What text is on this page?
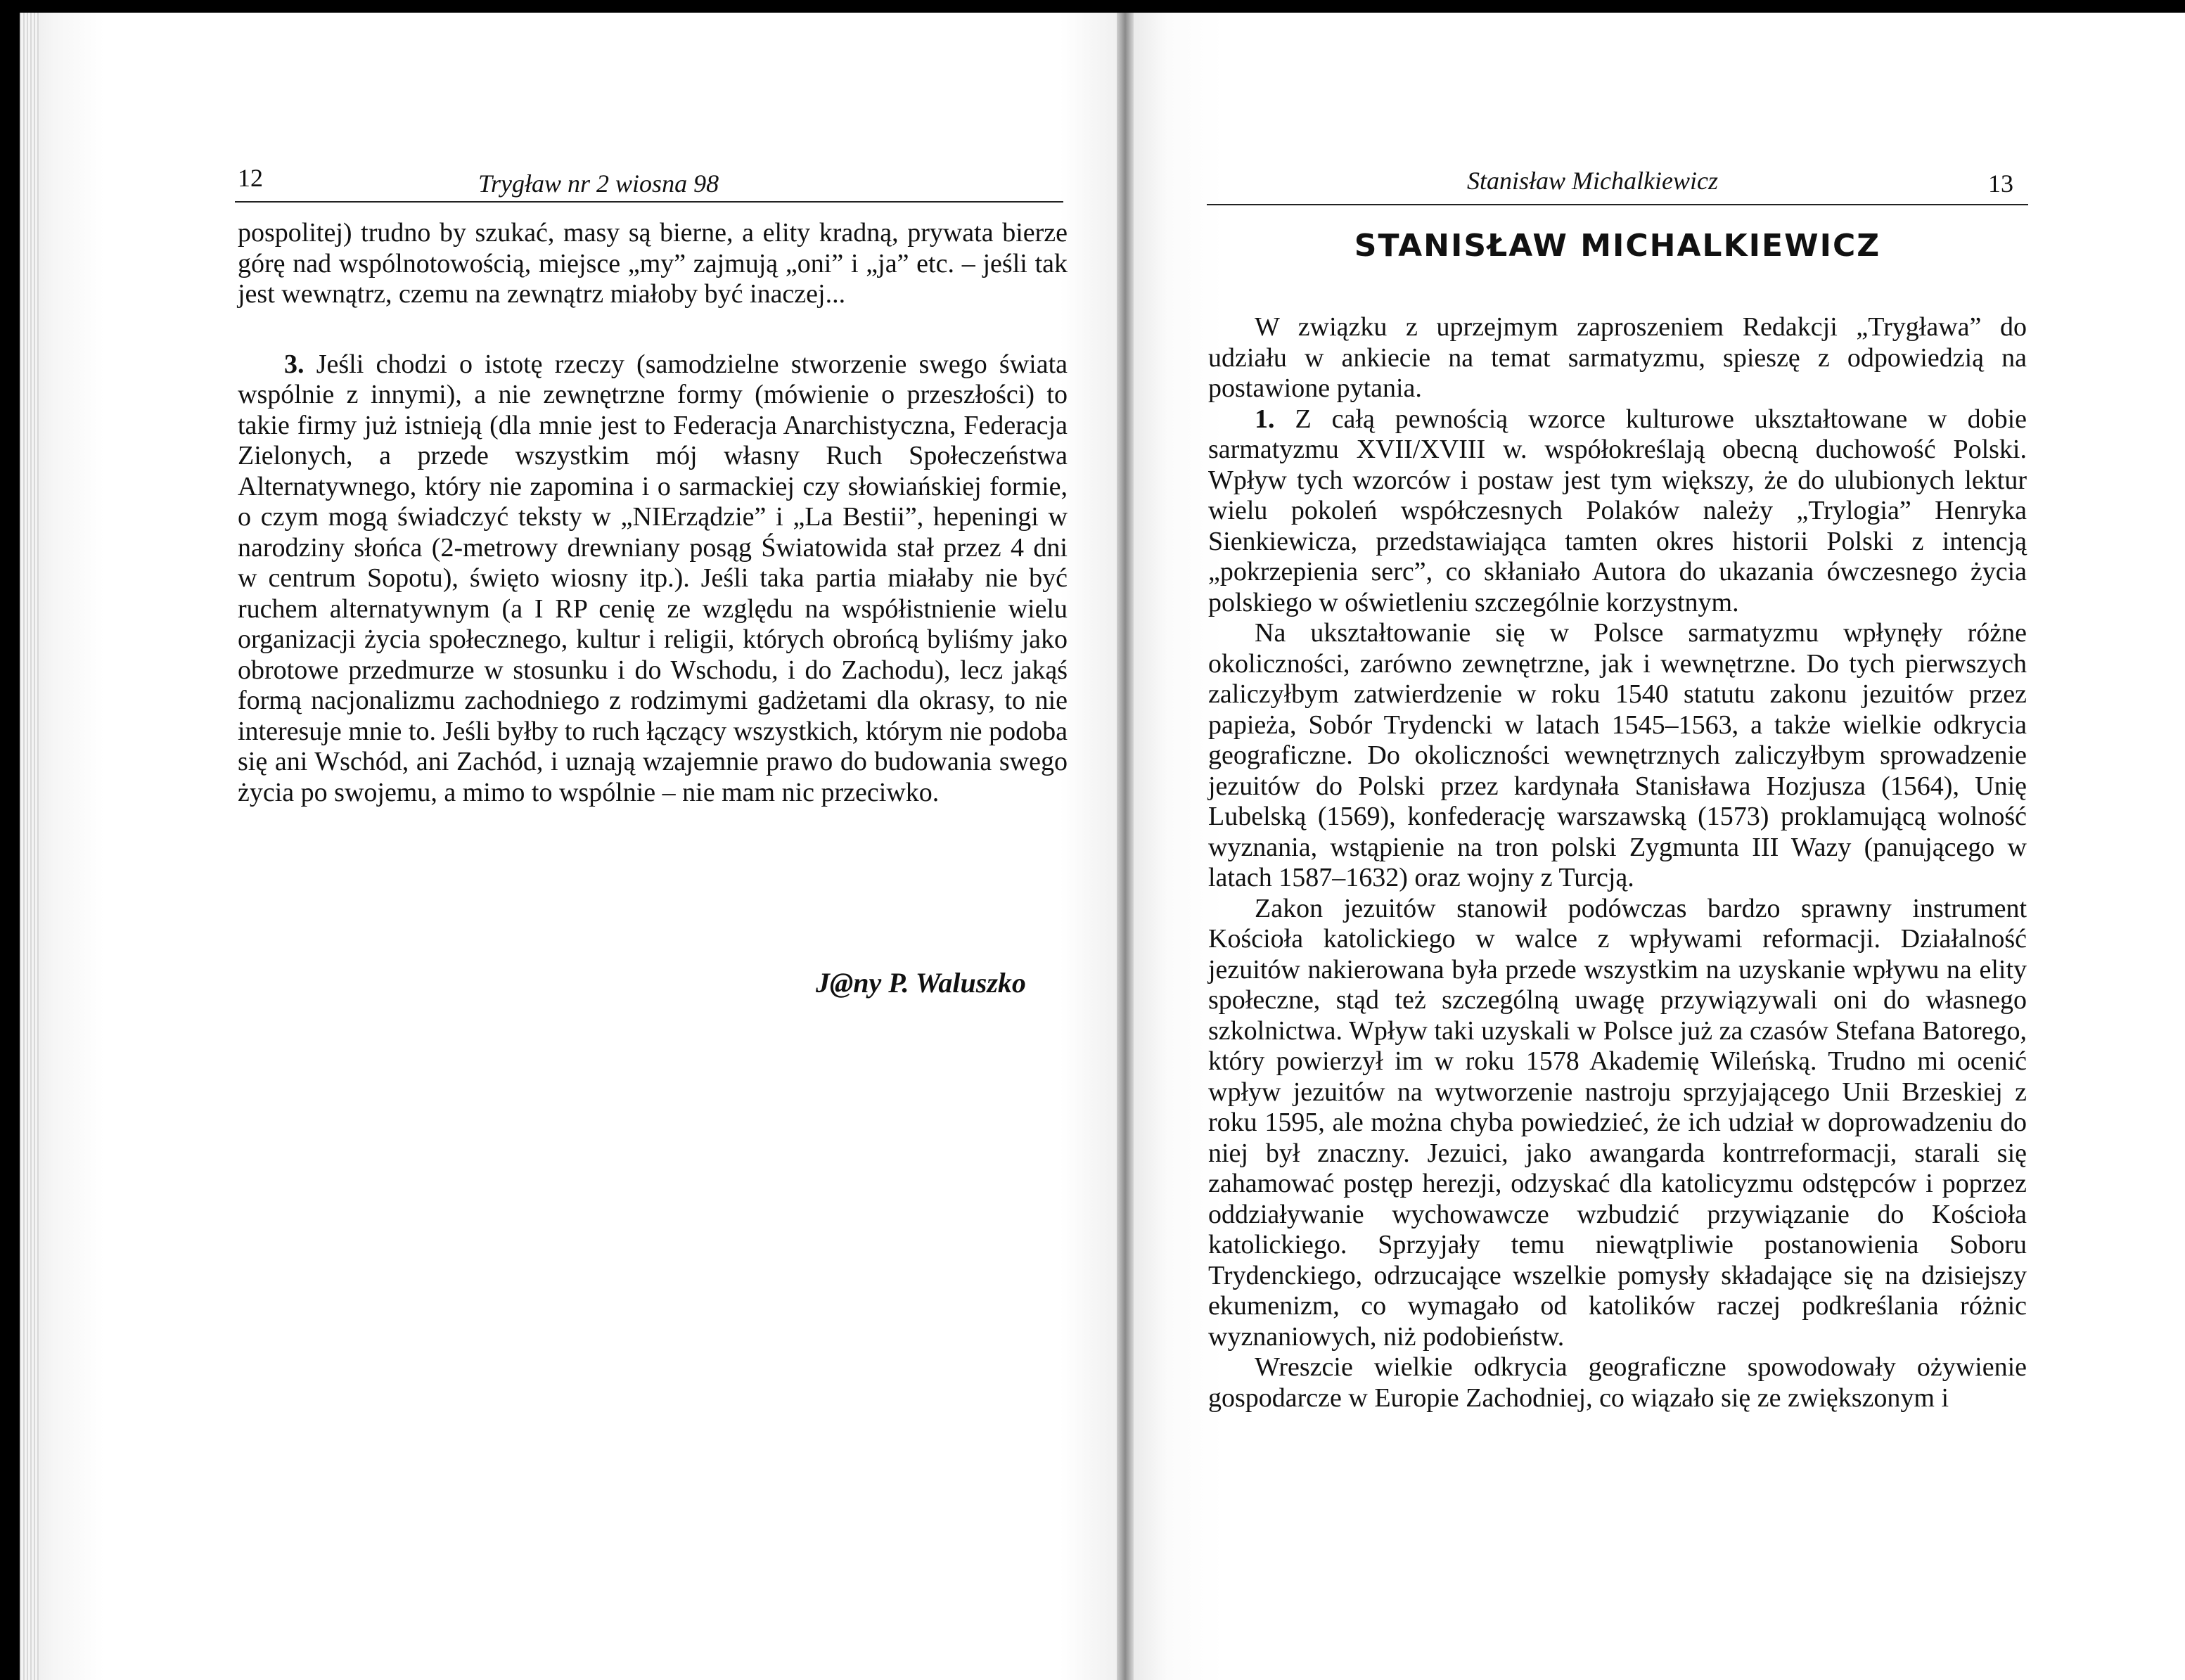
12	Trygław nr 2 wiosna 98

pospolitej) trudno by szukać, masy są bierne, a elity kradną, prywata bierze górę nad wspólnotowością, miejsce „my” zajmują „oni” i „ja” etc. – jeśli tak jest wewnątrz, czemu na zewnątrz miałoby być inaczej...

3. Jeśli chodzi o istotę rzeczy (samodzielne stworzenie swego świata wspólnie z innymi), a nie zewnętrzne formy (mówienie o przeszłości) to takie firmy już istnieją (dla mnie jest to Federacja Anarchistyczna, Federacja Zielonych, a przede wszystkim mój własny Ruch Społeczeństwa Alternatywnego, który nie zapomina i o sarmackiej czy słowiańskiej formie, o czym mogą świadczyć teksty w „NIErządzie” i „La Bestii”, hepeningi w narodziny słońca (2-metrowy drewniany posąg Światowida stał przez 4 dni w centrum Sopotu), święto wiosny itp.). Jeśli taka partia miałaby nie być ruchem alternatywnym (a I RP cenię ze względu na współistnienie wielu organizacji życia społecznego, kultur i religii, których obrońcą byliśmy jako obrotowe przedmurze w stosunku i do Wschodu, i do Zachodu), lecz jakąś formą nacjonalizmu zachodniego z rodzimymi gadżetami dla okrasy, to nie interesuje mnie to. Jeśli byłby to ruch łączący wszystkich, którym nie podoba się ani Wschód, ani Zachód, i uznają wzajemnie prawo do budowania swego życia po swojemu, a mimo to wspólnie – nie mam nic przeciwko.

J@ny P. Waluszko
Stanisław Michalkiewicz	13
STANISŁAW MICHALKIEWICZ

W związku z uprzejmym zaproszeniem Redakcji „Trygława” do udziału w ankiecie na temat sarmatyzmu, spieszę z odpowiedzią na postawione pytania.

1. Z całą pewnością wzorce kulturowe ukształtowane w dobie sarmatyzmu XVII/XVIII w. współokreślają obecną duchowość Polski. Wpływ tych wzorców i postaw jest tym większy, że do ulubionych lektur wielu pokoleń współczesnych Polaków należy „Trylogia” Henryka Sienkiewicza, przedstawiająca tamten okres historii Polski z intencją „pokrzepienia serc”, co skłaniało Autora do ukazania ówczesnego życia polskiego w oświetleniu szczególnie korzystnym.

Na ukształtowanie się w Polsce sarmatyzmu wpłynęły różne okoliczności, zarówno zewnętrzne, jak i wewnętrzne. Do tych pierwszych zaliczyłbym zatwierdzenie w roku 1540 statutu zakonu jezuitów przez papieża, Sobór Trydencki w latach 1545–1563, a także wielkie odkrycia geograficzne. Do okoliczności wewnętrznych zaliczyłbym sprowadzenie jezuitów do Polski przez kardynała Stanisława Hozjusza (1564), Unię Lubelską (1569), konfederację warszawską (1573) proklamującą wolność wyznania, wstąpienie na tron polski Zygmunta III Wazy (panującego w latach 1587–1632) oraz wojny z Turcją.

Zakon jezuitów stanowił podówczas bardzo sprawny instrument Kościoła katolickiego w walce z wpływami reformacji. Działalność jezuitów nakierowana była przede wszystkim na uzyskanie wpływu na elity społeczne, stąd też szczególną uwagę przywiązywali oni do własnego szkolnictwa. Wpływ taki uzyskali w Polsce już za czasów Stefana Batorego, który powierzył im w roku 1578 Akademię Wileńską. Trudno mi ocenić wpływ jezuitów na wytworzenie nastroju sprzyjającego Unii Brzeskiej z roku 1595, ale można chyba powiedzieć, że ich udział w doprowadzeniu do niej był znaczny. Jezuici, jako awangarda kontrreformacji, starali się zahamować postęp herezji, odzyskać dla katolicyzmu odstępców i poprzez oddziaływanie wychowawcze wzbudzić przywiązanie do Kościoła katolickiego. Sprzyjały temu niewątpliwie postanowienia Soboru Trydenckiego, odrzucające wszelkie pomysły składające się na dzisiejszy ekumenizm, co wymagało od katolików raczej podkreślania różnic wyznaniowych, niż podobieństw.

Wreszcie wielkie odkrycia geograficzne spowodowały ożywienie gospodarcze w Europie Zachodniej, co wiązało się ze zwiększonym i
